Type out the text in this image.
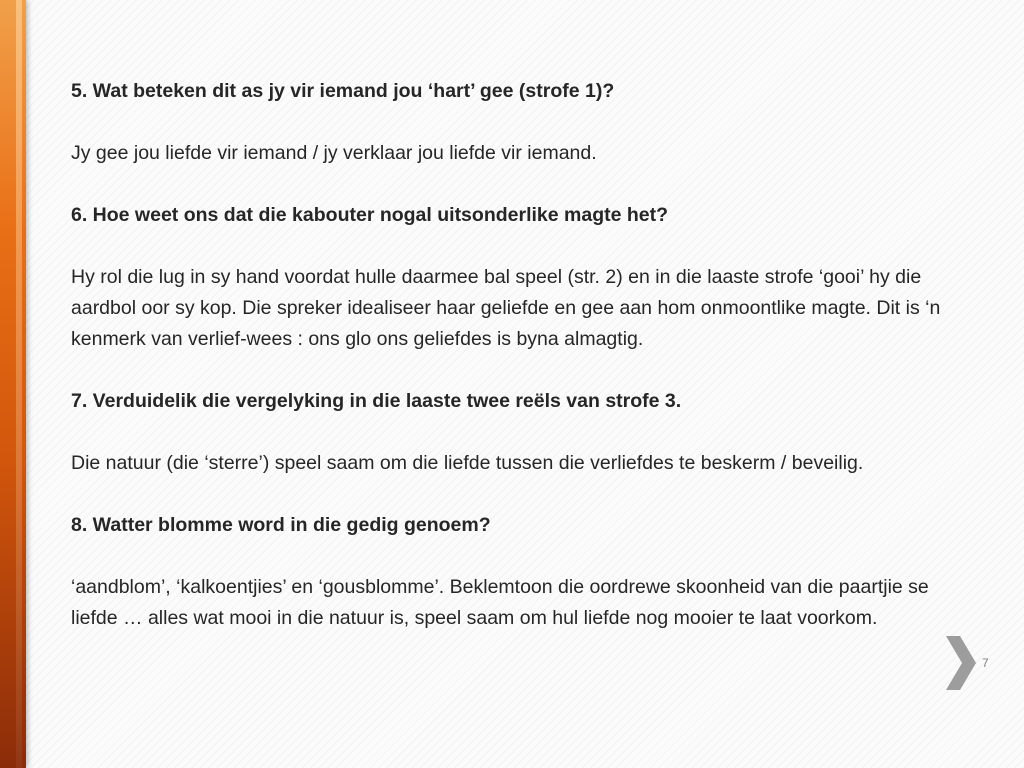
5. Wat beteken dit as jy vir iemand jou ‘hart’ gee (strofe 1)?

Jy gee jou liefde vir iemand / jy verklaar jou liefde vir iemand.

6. Hoe weet ons dat die kabouter nogal uitsonderlike magte het?

Hy rol die lug in sy hand voordat hulle daarmee bal speel (str. 2) en in die laaste strofe ‘gooi’ hy die aardbol oor sy kop. Die spreker idealiseer haar geliefde en gee aan hom onmoontlike magte. Dit is ‘n kenmerk van verlief-wees : ons glo ons geliefdes is byna almagtig.

7. Verduidelik die vergelyking in die laaste twee reëls van strofe 3.

Die natuur (die ‘sterre’) speel saam om die liefde tussen die verliefdes te beskerm / beveilig.

8. Watter blomme word in die gedig genoem?

‘aandblom’, ‘kalkoentjies’ en ‘gousblomme’. Beklemtoon die oordrewe skoonheid van die paartjie se liefde … alles wat mooi in die natuur is, speel saam om hul liefde nog mooier te laat voorkom.

7
